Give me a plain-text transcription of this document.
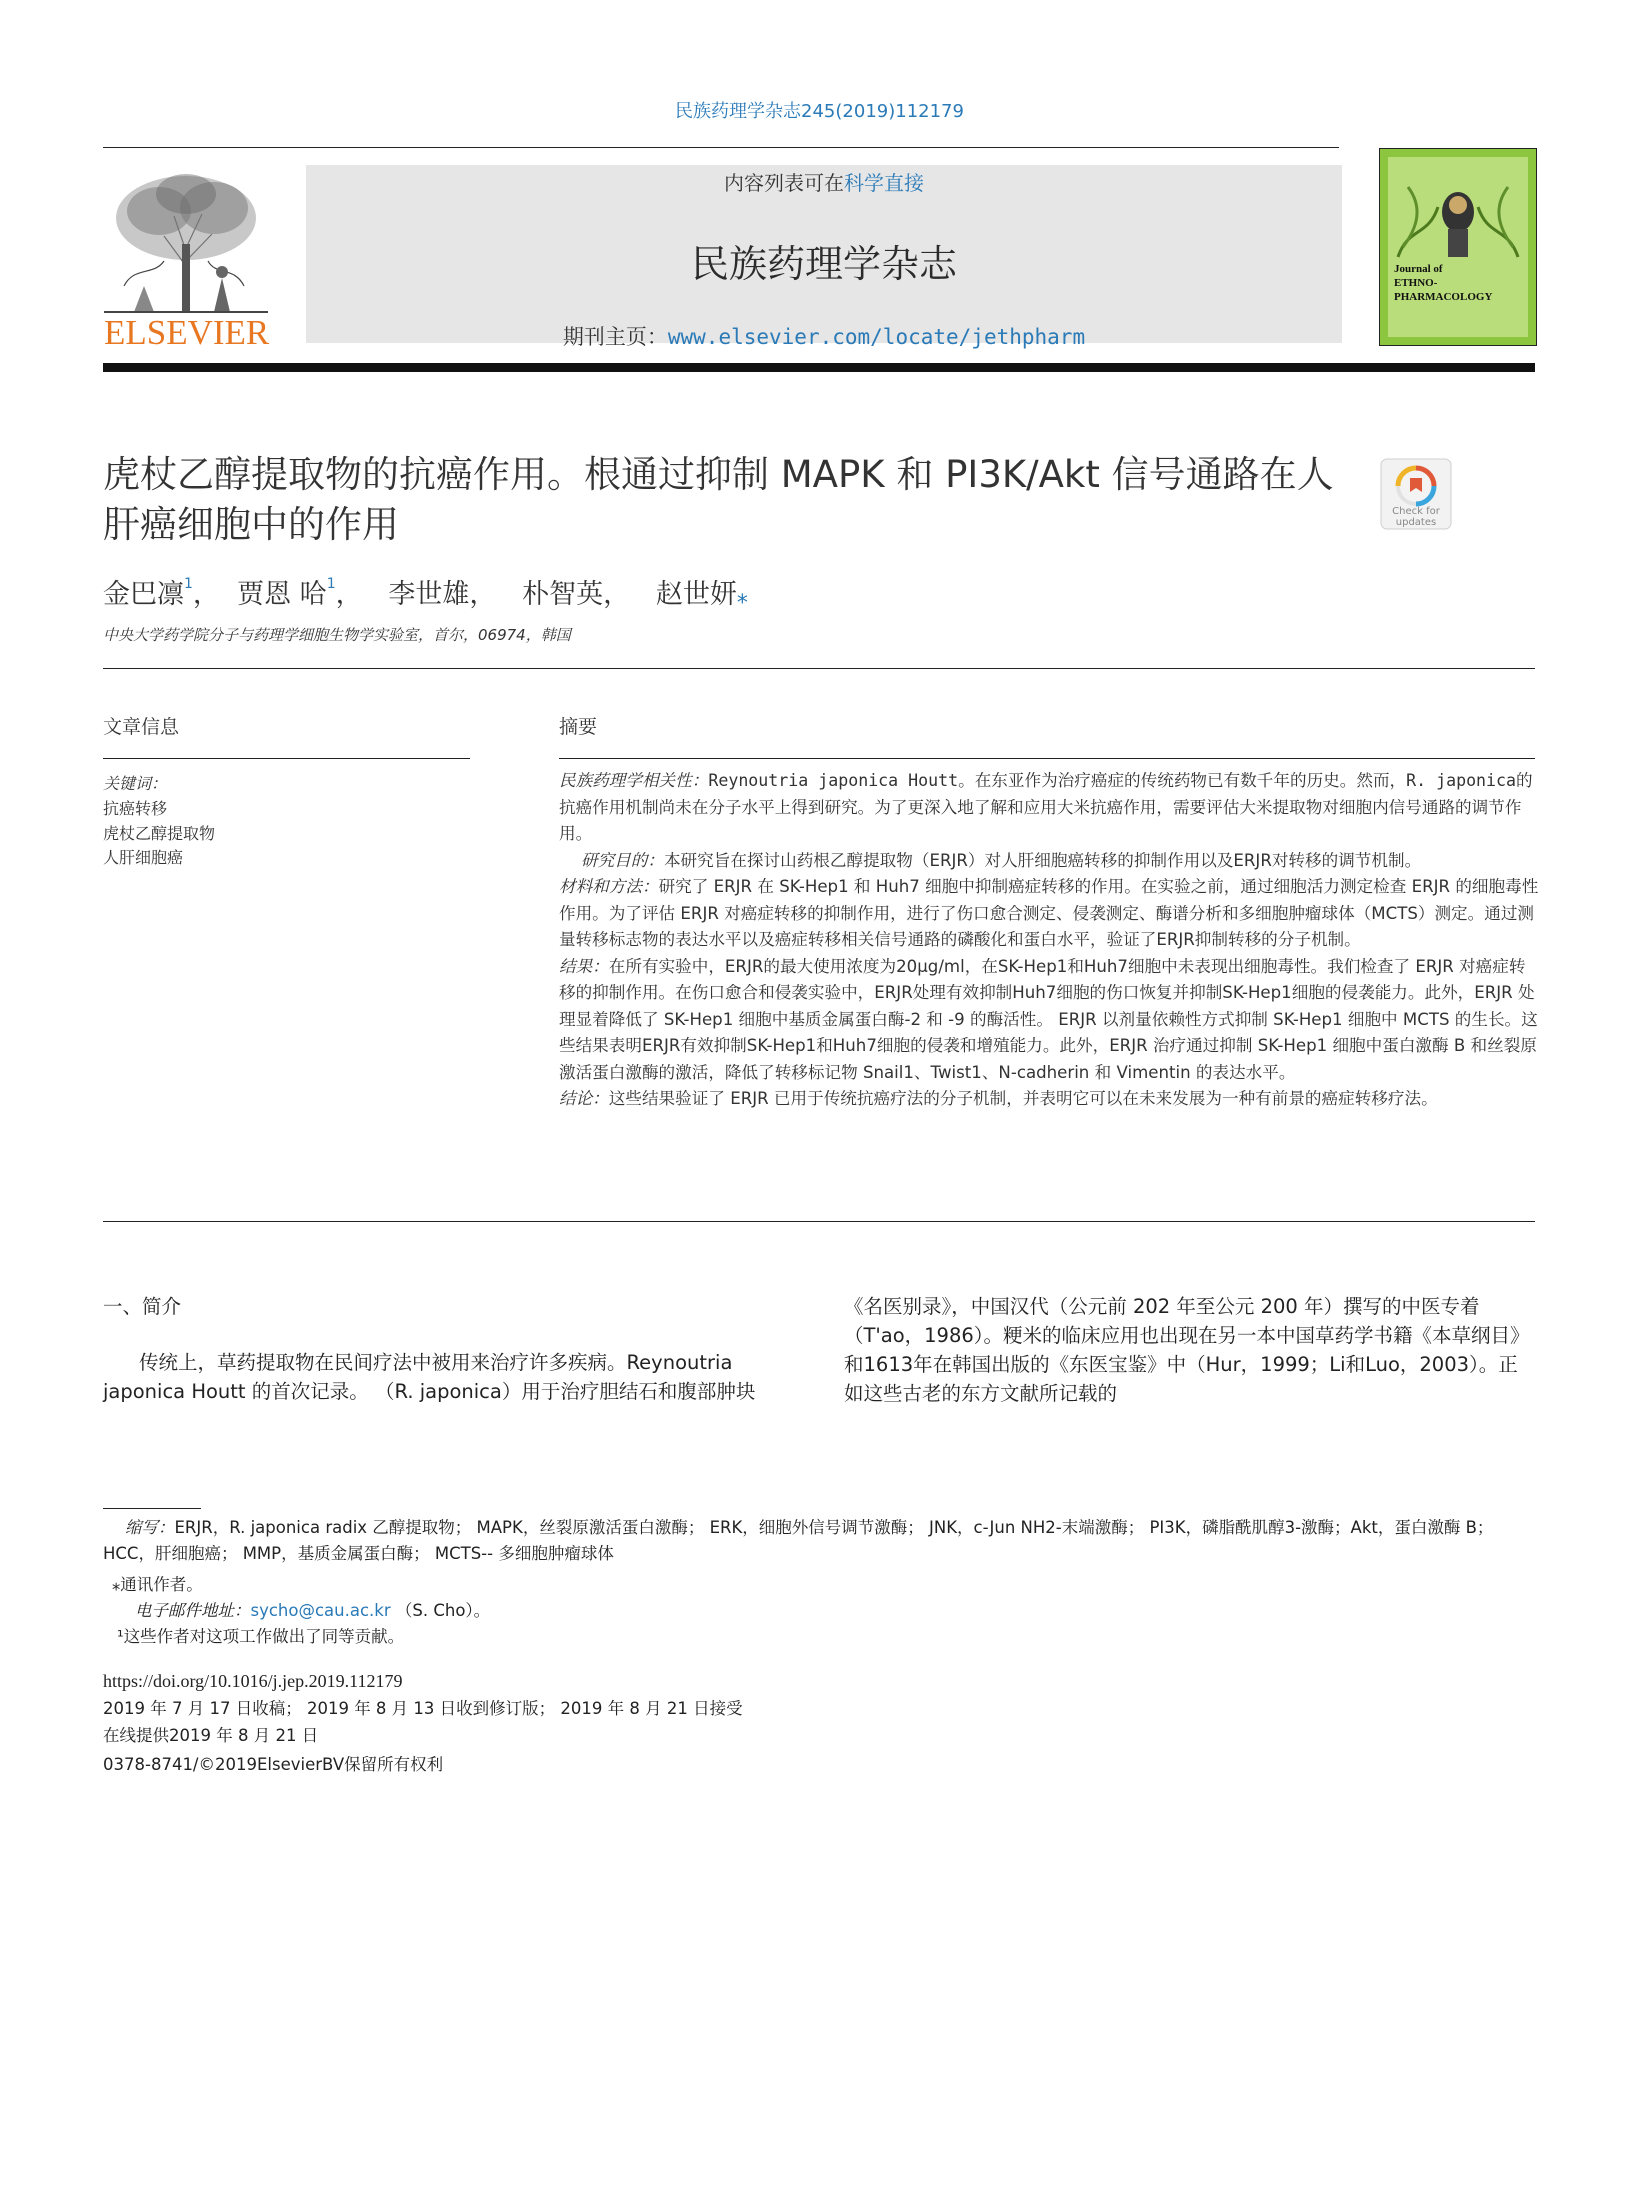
民族药理学杂志245(2019)112179
ELSEVIER
内容列表可在科学直接
民族药理学杂志
期刊主页：www.elsevier.com/locate/jethpharm
Journal of
ETHNO-
PHARMACOLOGY
虎杖乙醇提取物的抗癌作用。根通过抑制 MAPK 和 PI3K/Akt 信号通路在人
肝癌细胞中的作用	Check for
updates
金巴凛$^1$， 贾恩 哈$^1$， 李世雄， 朴智英， 赵世妍⁎
中央大学药学院分子与药理学细胞生物学实验室，首尔，06974，韩国
文章信息
关键词：
抗癌转移
虎杖乙醇提取物
人肝细胞癌
摘要

民族药理学相关性：Reynoutria japonica Houtt。在东亚作为治疗癌症的传统药物已有数千年的历史。然而，R. japonica的抗癌作用机制尚未在分子水平上得到研究。为了更深入地了解和应用大米抗癌作用，需要评估大米提取物对细胞内信号通路的调节作用。

研究目的：本研究旨在探讨山药根乙醇提取物（ERJR）对人肝细胞癌转移的抑制作用以及ERJR对转移的调节机制。

材料和方法：研究了 ERJR 在 SK-Hep1 和 Huh7 细胞中抑制癌症转移的作用。在实验之前，通过细胞活力测定检查 ERJR 的细胞毒性作用。为了评估 ERJR 对癌症转移的抑制作用，进行了伤口愈合测定、侵袭测定、酶谱分析和多细胞肿瘤球体（MCTS）测定。通过测量转移标志物的表达水平以及癌症转移相关信号通路的磷酸化和蛋白水平，验证了ERJR抑制转移的分子机制。

结果：在所有实验中，ERJR的最大使用浓度为20μg/ml，在SK-Hep1和Huh7细胞中未表现出细胞毒性。我们检查了 ERJR 对癌症转移的抑制作用。在伤口愈合和侵袭实验中，ERJR处理有效抑制Huh7细胞的伤口恢复并抑制SK-Hep1细胞的侵袭能力。此外，ERJR 处理显着降低了 SK-Hep1 细胞中基质金属蛋白酶-2 和 -9 的酶活性。 ERJR 以剂量依赖性方式抑制 SK-Hep1 细胞中 MCTS 的生长。这些结果表明ERJR有效抑制SK-Hep1和Huh7细胞的侵袭和增殖能力。此外，ERJR 治疗通过抑制 SK-Hep1 细胞中蛋白激酶 B 和丝裂原激活蛋白激酶的激活，降低了转移标记物 Snail1、Twist1、N-cadherin 和 Vimentin 的表达水平。

结论：这些结果验证了 ERJR 已用于传统抗癌疗法的分子机制，并表明它可以在未来发展为一种有前景的癌症转移疗法。

一、简介
传统上，草药提取物在民间疗法中被用来治疗许多疾病。Reynoutria japonica Houtt 的首次记录。 （R. japonica）用于治疗胆结石和腹部肿块
《名医别录》，中国汉代（公元前 202 年至公元 200 年）撰写的中医专着（T'ao，1986）。粳米的临床应用也出现在另一本中国草药学书籍《本草纲目》和1613年在韩国出版的《东医宝鉴》中（Hur，1999；Li和Luo，2003）。正如这些古老的东方文献所记载的
缩写：ERJR，R. japonica radix 乙醇提取物； MAPK，丝裂原激活蛋白激酶； ERK，细胞外信号调节激酶； JNK，c-Jun NH2-末端激酶； PI3K，磷脂酰肌醇3-激酶；Akt，蛋白激酶 B； HCC，肝细胞癌； MMP，基质金属蛋白酶； MCTS-- 多细胞肿瘤球体
⁎通讯作者。
电子邮件地址：sycho@cau.ac.kr （S. Cho）。
¹这些作者对这项工作做出了同等贡献。
https://doi.org/10.1016/j.jep.2019.112179
2019 年 7 月 17 日收稿； 2019 年 8 月 13 日收到修订版； 2019 年 8 月 21 日接受
在线提供2019 年 8 月 21 日
0378-8741/©2019ElsevierBV保留所有权利
